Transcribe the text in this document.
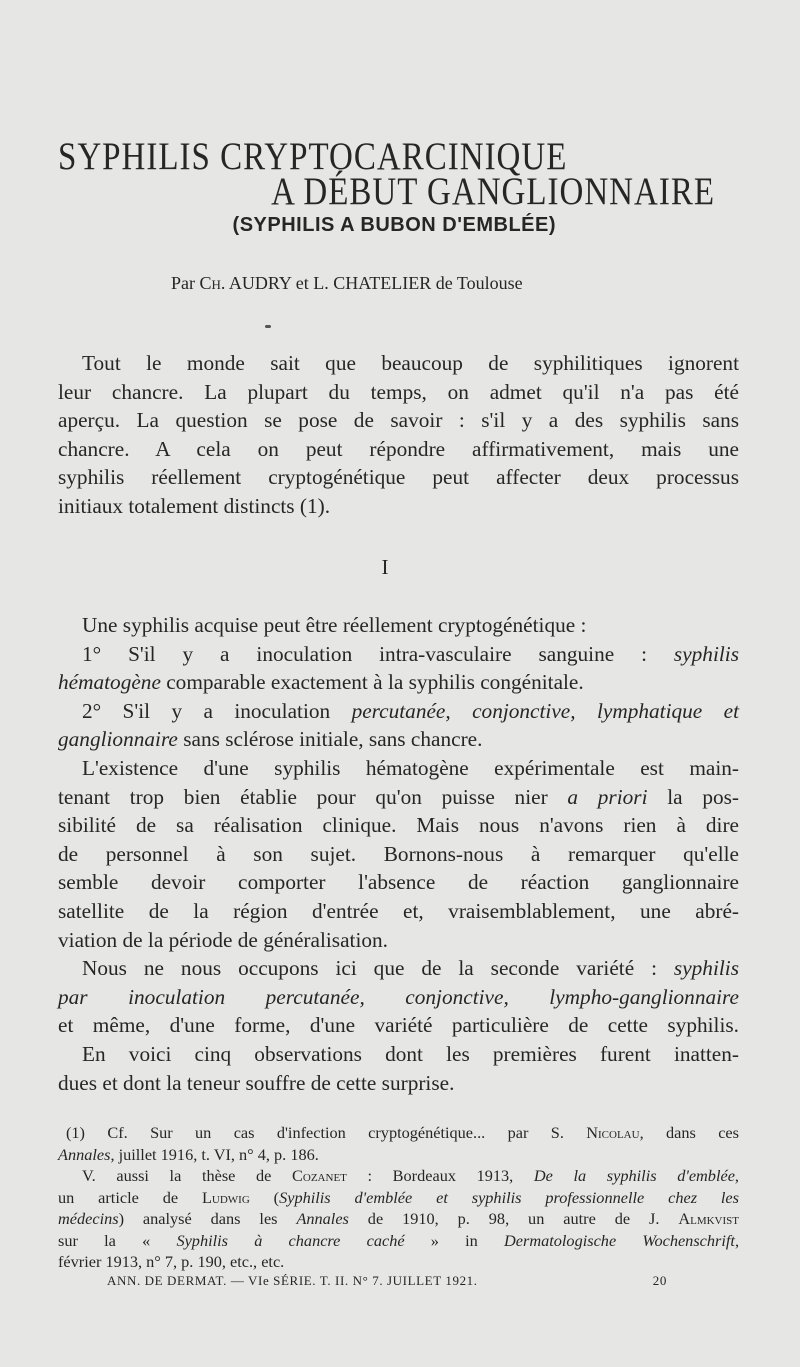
SYPHILIS CRYPTOCARCINIQUE
A DÉBUT GANGLIONNAIRE
(SYPHILIS A BUBON D'EMBLÉE)
Par Ch. AUDRY et L. CHATELIER de Toulouse
Tout le monde sait que beaucoup de syphilitiques ignorent
leur chancre. La plupart du temps, on admet qu'il n'a pas été
aperçu. La question se pose de savoir : s'il y a des syphilis sans
chancre. A cela on peut répondre affirmativement, mais une
syphilis réellement cryptogénétique peut affecter deux processus
initiaux totalement distincts (1).
I
Une syphilis acquise peut être réellement cryptogénétique :
1° S'il y a inoculation intra-vasculaire sanguine : syphilis
hématogène comparable exactement à la syphilis congénitale.
2° S'il y a inoculation percutanée, conjonctive, lymphatique et
ganglionnaire sans sclérose initiale, sans chancre.
L'existence d'une syphilis hématogène expérimentale est main-
tenant trop bien établie pour qu'on puisse nier a priori la pos-
sibilité de sa réalisation clinique. Mais nous n'avons rien à dire
de personnel à son sujet. Bornons-nous à remarquer qu'elle
semble devoir comporter l'absence de réaction ganglionnaire
satellite de la région d'entrée et, vraisemblablement, une abré-
viation de la période de généralisation.
Nous ne nous occupons ici que de la seconde variété : syphilis
par inoculation percutanée, conjonctive, lympho-ganglionnaire
et même, d'une forme, d'une variété particulière de cette syphilis.
En voici cinq observations dont les premières furent inatten-
dues et dont la teneur souffre de cette surprise.
(1) Cf. Sur un cas d'infection cryptogénétique... par S. Nicolau, dans ces
Annales, juillet 1916, t. VI, n° 4, p. 186.
V. aussi la thèse de Cozanet : Bordeaux 1913, De la syphilis d'emblée,
un article de Ludwig (Syphilis d'emblée et syphilis professionnelle chez les
médecins) analysé dans les Annales de 1910, p. 98, un autre de J. Almkvist
sur la « Syphilis à chancre caché » in Dermatologische Wochenschrift,
février 1913, n° 7, p. 190, etc., etc.
ANN. DE DERMAT. — VIe SÉRIE. T. II. N° 7. JUILLET 1921.	20
